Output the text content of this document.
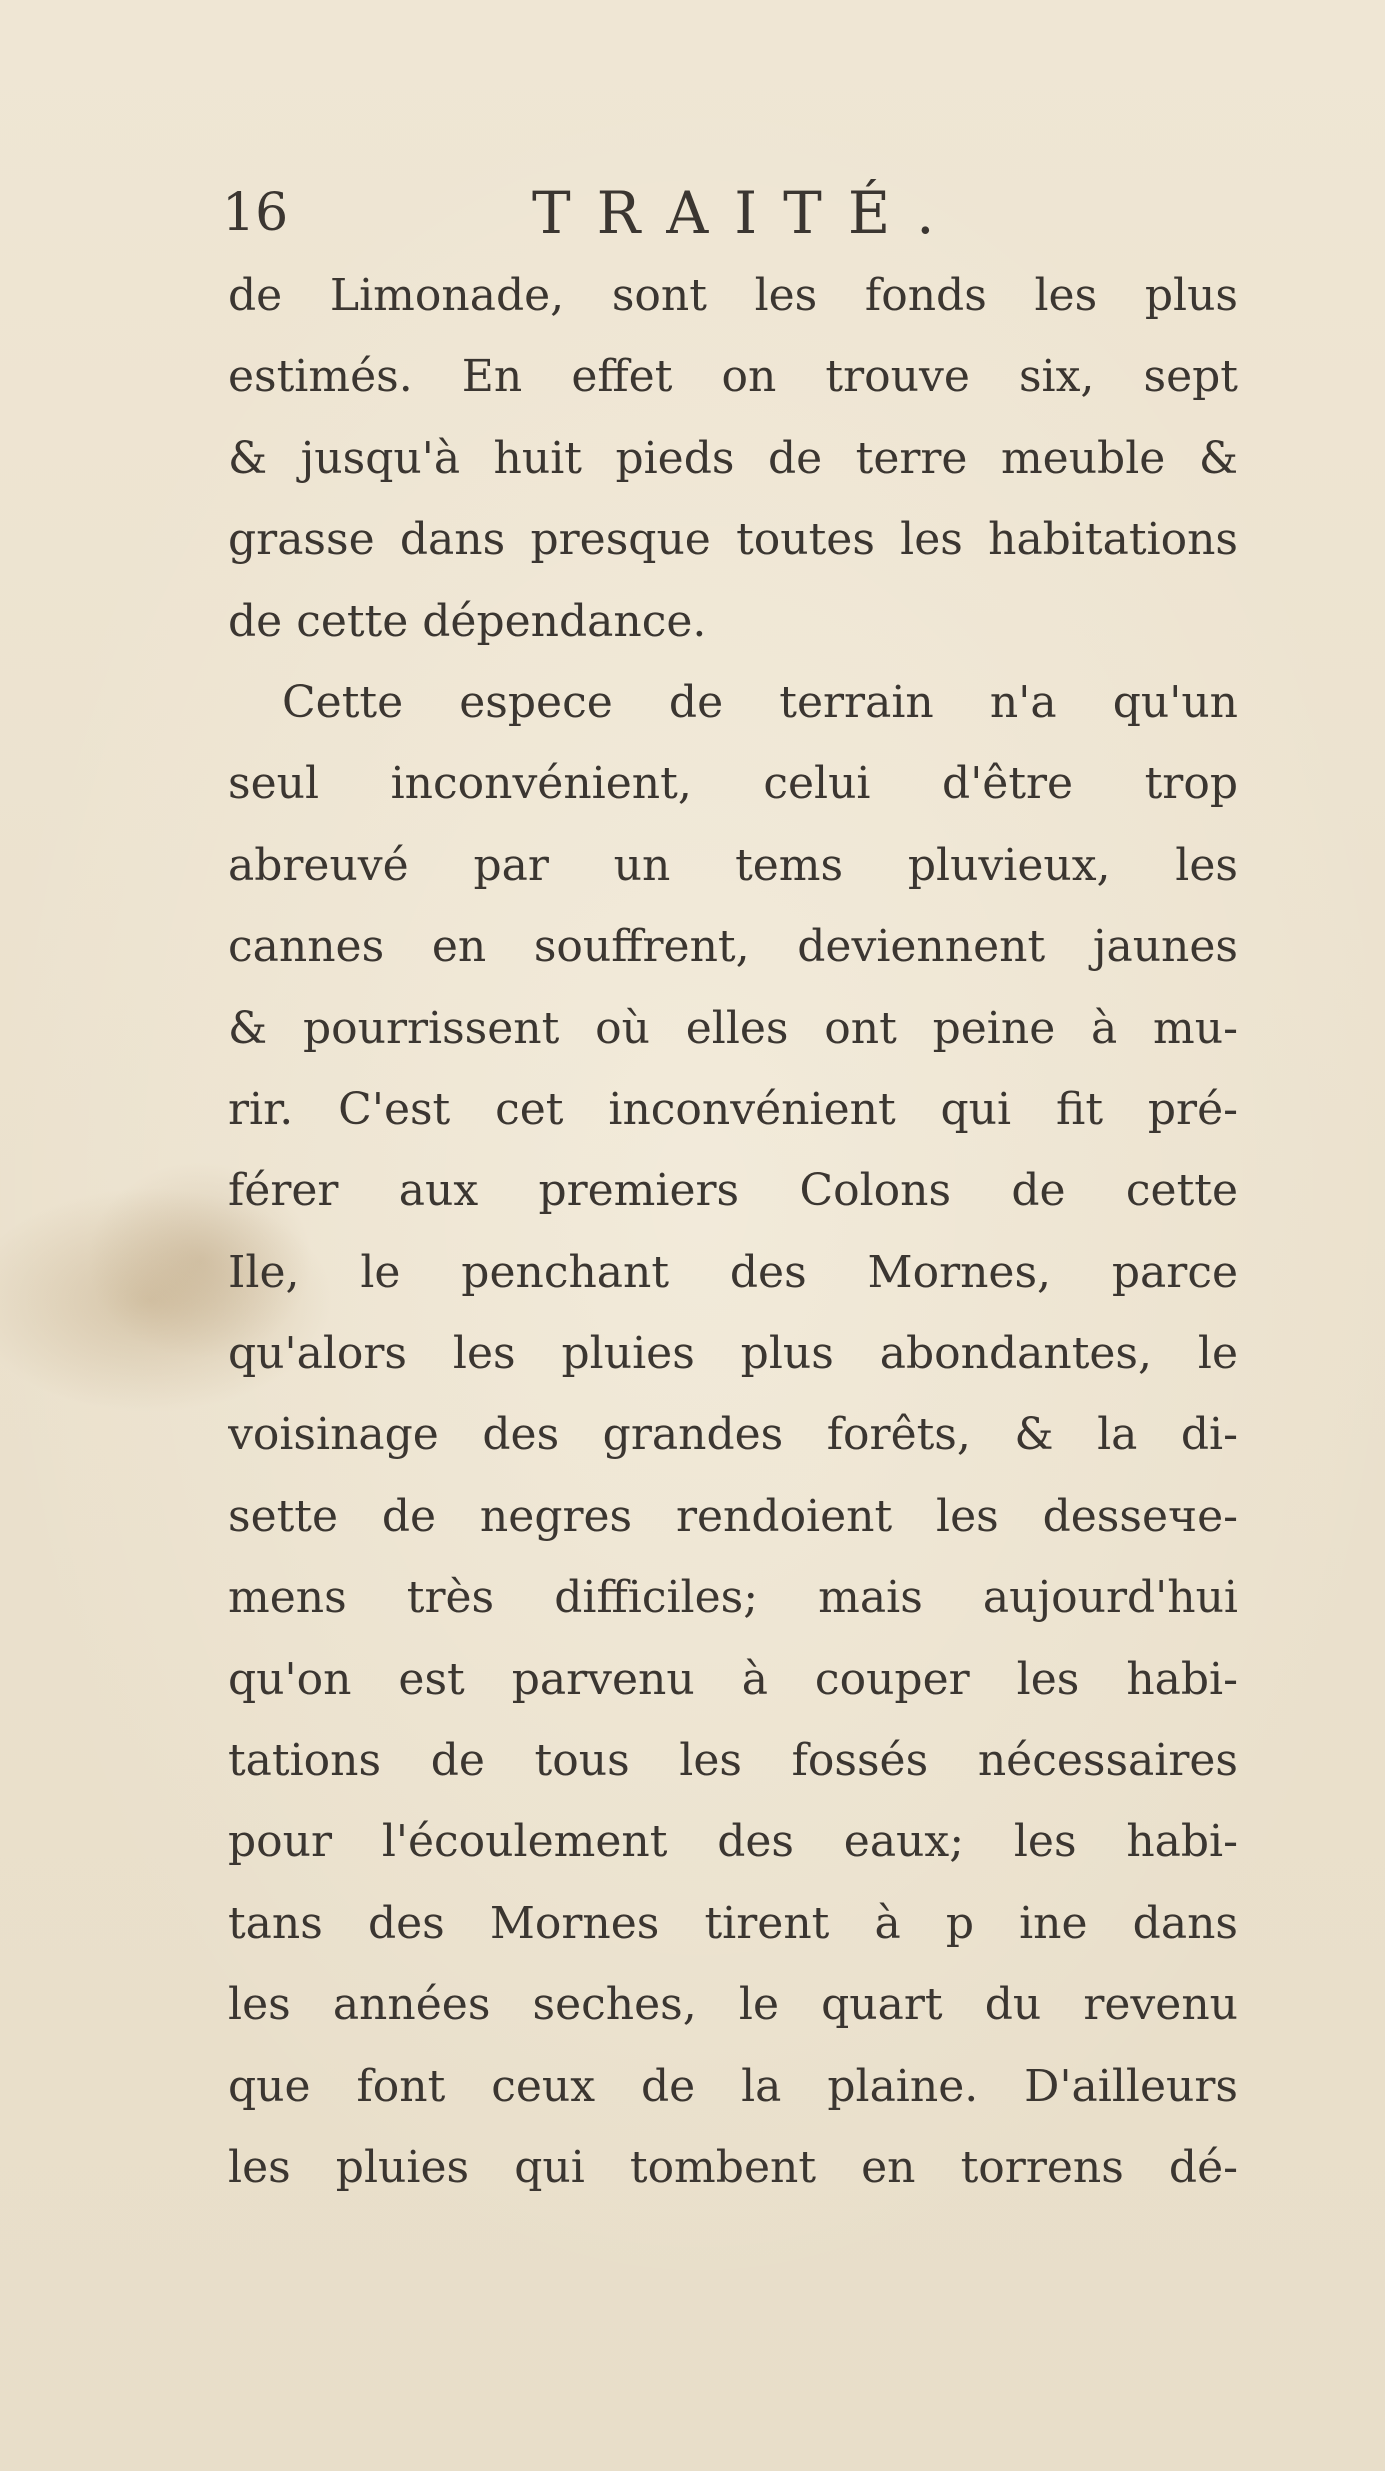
16	TRAITÉ.
de Limonade, sont les fonds les plus
estimés. En effet on trouve six, sept
& jusqu'à huit pieds de terre meuble &
grasse dans presque toutes les habitations
de cette dépendance.
Cette espece de terrain n'a qu'un
seul inconvénient, celui d'être trop
abreuvé par un tems pluvieux, les
cannes en souffrent, deviennent jaunes
& pourrissent où elles ont peine à mu-
rir. C'est cet inconvénient qui fit pré-
férer aux premiers Colons de cette
Ile, le penchant des Mornes, parce
qu'alors les pluies plus abondantes, le
voisinage des grandes forêts, & la di-
sette de negres rendoient les dessече-
mens très difficiles; mais aujourd'hui
qu'on est parvenu à couper les habi-
tations de tous les fossés nécessaires
pour l'écoulement des eaux; les habi-
tans des Mornes tirent à p ine dans
les années seches, le quart du revenu
que font ceux de la plaine. D'ailleurs
les pluies qui tombent en torrens dé-
